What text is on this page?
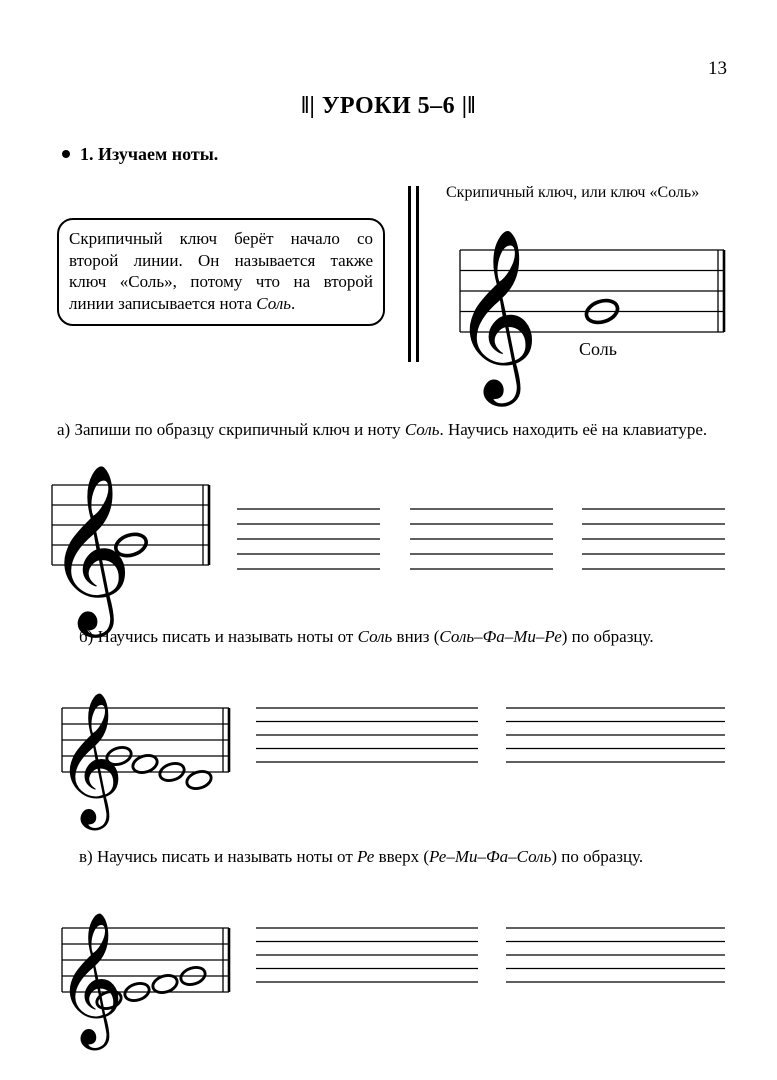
13
‖| УРОКИ 5–6 |‖
1. Изучаем ноты.
Скрипичный ключ берёт начало со
второй линии. Он называется также
ключ «Соль», потому что на второй
линии записывается нота Соль.
Скрипичный ключ, или ключ «Соль»
а) Запиши по образцу скрипичный ключ и ноту Соль. Научись находить её на клавиатуре.
б) Научись писать и называть ноты от Соль вниз (Соль–Фа–Ми–Ре) по образцу.
в) Научись писать и называть ноты от Ре вверх (Ре–Ми–Фа–Соль) по образцу.
𝄞
𝄞
𝄞
𝄞
Соль
